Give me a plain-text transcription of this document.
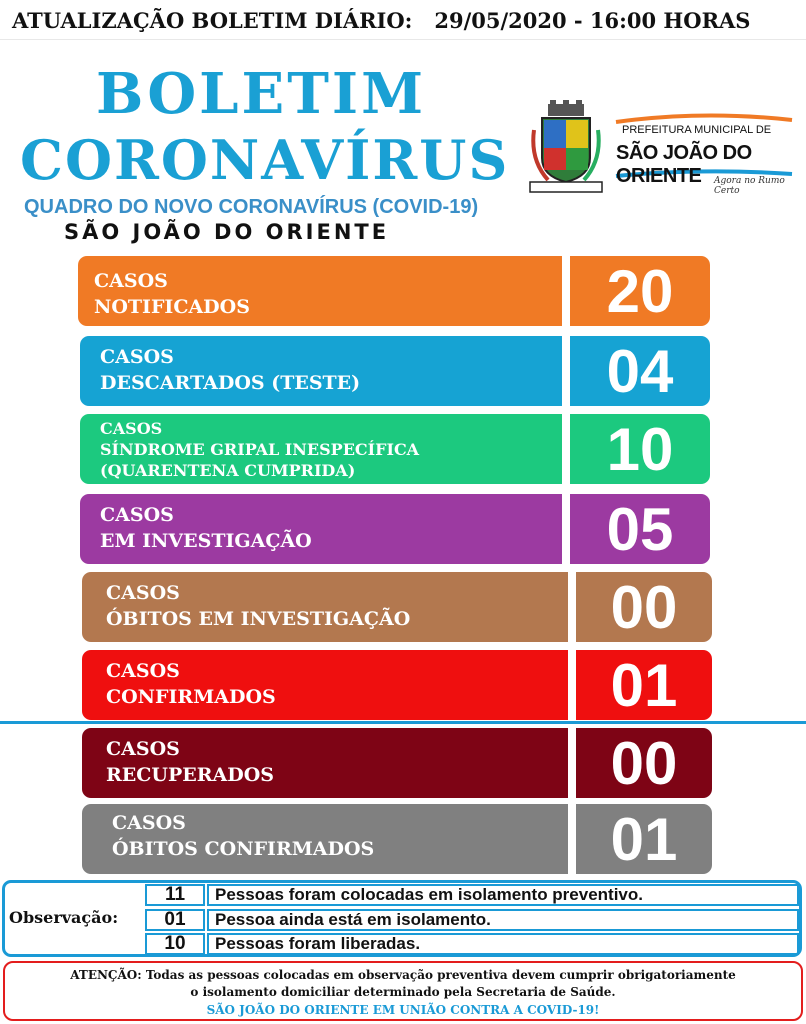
ATUALIZAÇÃO BOLETIM DIÁRIO:   29/05/2020 - 16:00 HORAS
BOLETIM
CORONAVÍRUS
QUADRO DO NOVO CORONAVÍRUS (COVID-19)
SÃO JOÃO DO ORIENTE
PREFEITURA MUNICIPAL DE
SÃO JOÃO DO ORIENTE	Agora no Rumo Certo
CASOS
NOTIFICADOS	20
CASOS
DESCARTADOS (TESTE)	04
CASOS
SÍNDROME GRIPAL INESPECÍFICA
(QUARENTENA CUMPRIDA)	10
CASOS
EM INVESTIGAÇÃO	05
CASOS
ÓBITOS EM INVESTIGAÇÃO	00
CASOS
CONFIRMADOS	01
CASOS
RECUPERADOS	00
CASOS
ÓBITOS CONFIRMADOS	01
Observação:
11	Pessoas foram colocadas em isolamento preventivo.
01	Pessoa ainda está em isolamento.
10	Pessoas foram liberadas.
ATENÇÃO: Todas as pessoas colocadas em observação preventiva devem cumprir obrigatoriamente
o isolamento domiciliar determinado pela Secretaria de Saúde.
SÃO JOÃO DO ORIENTE EM UNIÃO CONTRA A COVID-19!
